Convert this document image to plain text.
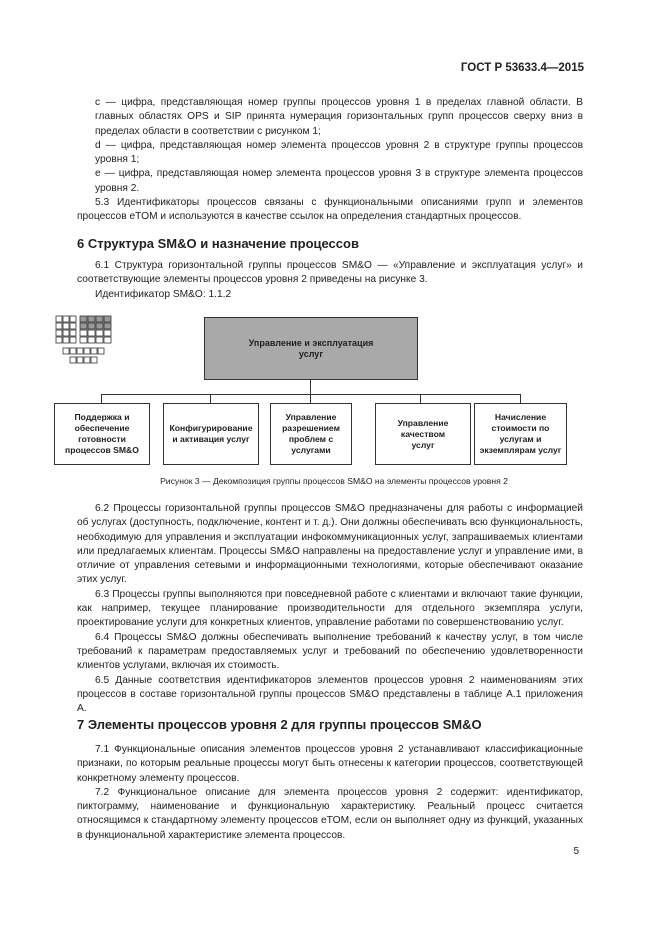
ГОСТ Р 53633.4—2015

c — цифра, представляющая номер группы процессов уровня 1 в пределах главной области. В главных областях OPS и SIP принята нумерация горизонтальных групп процессов сверху вниз в пределах области в соответствии с рисунком 1;

d — цифра, представляющая номер элемента процессов уровня 2 в структуре группы процессов уровня 1;

e — цифра, представляющая номер элемента процессов уровня 3 в структуре элемента процессов уровня 2.

5.3 Идентификаторы процессов связаны с функциональными описаниями групп и элементов процессов eTOM и используются в качестве ссылок на определения стандартных процессов.

6 Структура SM&O и назначение процессов

6.1 Структура горизонтальной группы процессов SM&O — «Управление и эксплуатация услуг» и соответствующие элементы процессов уровня 2 приведены на рисунке 3.

Идентификатор SM&O: 1.1.2

Управление и эксплуатация услуг
Поддержка и обеспечение готовности процессов SM&O
Конфигурирование и активация услуг
Управление разрешением проблем с услугами
Управление качеством услуг
Начисление стоимости по услугам и экземплярам услуг
Рисунок 3 — Декомпозиция группы процессов SM&O на элементы процессов уровня 2

6.2 Процессы горизонтальной группы процессов SM&O предназначены для работы с информацией об услугах (доступность, подключение, контент и т. д.). Они должны обеспечивать всю функциональность, необходимую для управления и эксплуатации инфокоммуникационных услуг, запрашиваемых клиентами или предлагаемых клиентам. Процессы SM&O направлены на предоставление услуг и управление ими, в отличие от управления сетевыми и информационными технологиями, которые обеспечивают оказание этих услуг.

6.3 Процессы группы выполняются при повседневной работе с клиентами и включают такие функции, как например, текущее планирование производительности для отдельного экземпляра услуги, проектирование услуги для конкретных клиентов, управление работами по совершенствованию услуг.

6.4 Процессы SM&O должны обеспечивать выполнение требований к качеству услуг, в том числе требований к параметрам предоставляемых услуг и требований по обеспечению удовлетворенности клиентов услугами, включая их стоимость.

6.5 Данные соответствия идентификаторов элементов процессов уровня 2 наименованиям этих процессов в составе горизонтальной группы процессов SM&O представлены в таблице А.1 приложения А.

7 Элементы процессов уровня 2 для группы процессов SM&O

7.1 Функциональные описания элементов процессов уровня 2 устанавливают классификационные признаки, по которым реальные процессы могут быть отнесены к категории процессов, соответствующей конкретному элементу процессов.

7.2 Функциональное описание для элемента процессов уровня 2 содержит: идентификатор, пиктограмму, наименование и функциональную характеристику. Реальный процесс считается относящимся к стандартному элементу процессов eTOM, если он выполняет одну из функций, указанных в функциональной характеристике элемента процессов.

5
